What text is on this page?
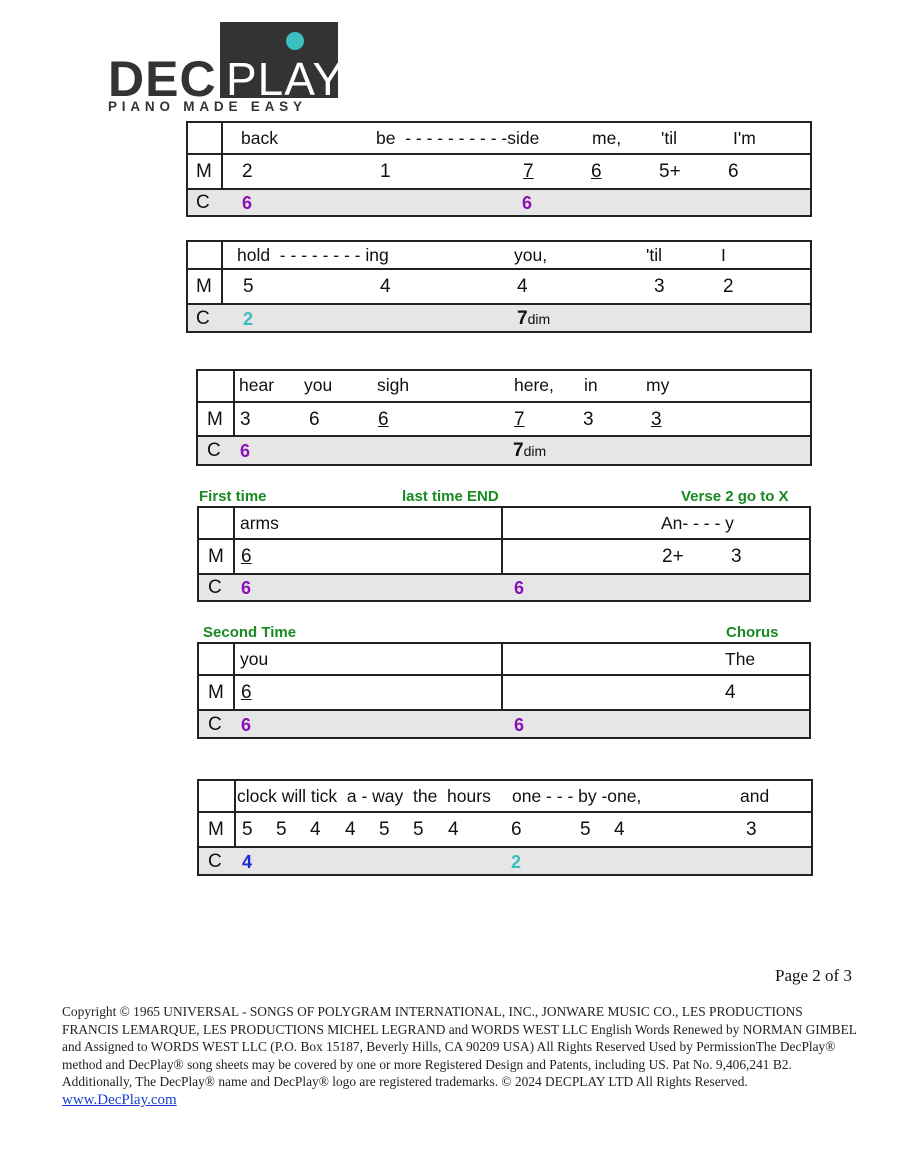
DEC PLAY
PIANO MADE EASY
back	be  - - - - - - - - - -side	me, 'til	I'm
M 2	1	7	6	5+ 6
C 6	6
hold  - - - - - - - - ing	you,	'til	I
M 5	4	4	3	2
C 2	7dim
hear you	sigh	here, in	my
M 3	6	6	7	3	3
C 6	7dim
First time	last time END	Verse 2 go to X
arms	An- - - - y
M 6	2+ 3
C 6	6
Second Time	Chorus
you	The
M 6	4
C 6	6
clock will tick  a - way  the  hours one - - - by -one,	and
M 5 5 4 4 5 5 4	6	5 4	3
C 4	2
Page 2 of 3
Copyright © 1965 UNIVERSAL - SONGS OF POLYGRAM INTERNATIONAL, INC., JONWARE MUSIC CO., LES PRODUCTIONS FRANCIS LEMARQUE, LES PRODUCTIONS MICHEL LEGRAND and WORDS WEST LLC English Words Renewed by NORMAN GIMBEL and Assigned to WORDS WEST LLC (P.O. Box 15187, Beverly Hills, CA 90209 USA) All Rights Reserved Used by PermissionThe DecPlay® method and DecPlay® song sheets may be covered by one or more Registered Design and Patents, including US. Pat No. 9,406,241 B2. Additionally, The DecPlay® name and DecPlay® logo are registered trademarks. © 2024 DECPLAY LTD All Rights Reserved. www.DecPlay.com
